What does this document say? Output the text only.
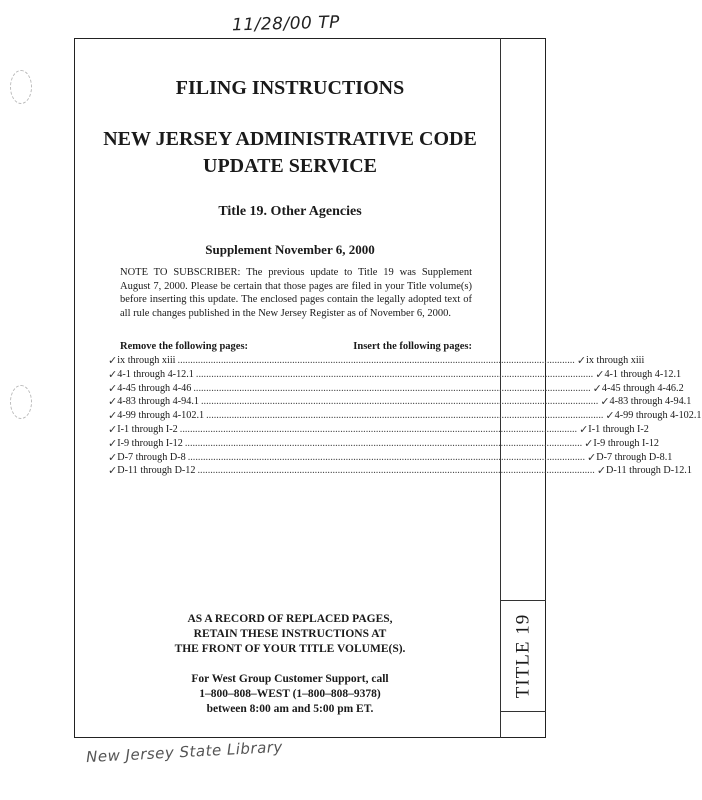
11/28/00 TP
TITLE 19
FILING INSTRUCTIONS
NEW JERSEY ADMINISTRATIVE CODE
UPDATE SERVICE
Title 19. Other Agencies
Supplement November 6, 2000
NOTE TO SUBSCRIBER: The previous update to Title 19 was Supplement August 7, 2000. Please be certain that those pages are filed in your Title volume(s) before inserting this update. The enclosed pages contain the legally adopted text of all rule changes published in the New Jersey Register as of November 6, 2000.
Remove the following pages:	Insert the following pages:
✓ ix through xiii ............................................................................................................................................................ ✓ ix through xiii
✓ 4-1 through 4-12.1 ............................................................................................................................................................ ✓ 4-1 through 4-12.1
✓ 4-45 through 4-46 ............................................................................................................................................................ ✓ 4-45 through 4-46.2
✓ 4-83 through 4-94.1 ............................................................................................................................................................ ✓ 4-83 through 4-94.1
✓ 4-99 through 4-102.1 ............................................................................................................................................................ ✓ 4-99 through 4-102.1
✓ I-1 through I-2 ............................................................................................................................................................ ✓ I-1 through I-2
✓ I-9 through I-12 ............................................................................................................................................................ ✓ I-9 through I-12
✓ D-7 through D-8 ............................................................................................................................................................ ✓ D-7 through D-8.1
✓ D-11 through D-12 ............................................................................................................................................................ ✓ D-11 through D-12.1
AS A RECORD OF REPLACED PAGES,
RETAIN THESE INSTRUCTIONS AT
THE FRONT OF YOUR TITLE VOLUME(S).
For West Group Customer Support, call
1–800–808–WEST (1–800–808–9378)
between 8:00 am and 5:00 pm ET.
New Jersey State Library
